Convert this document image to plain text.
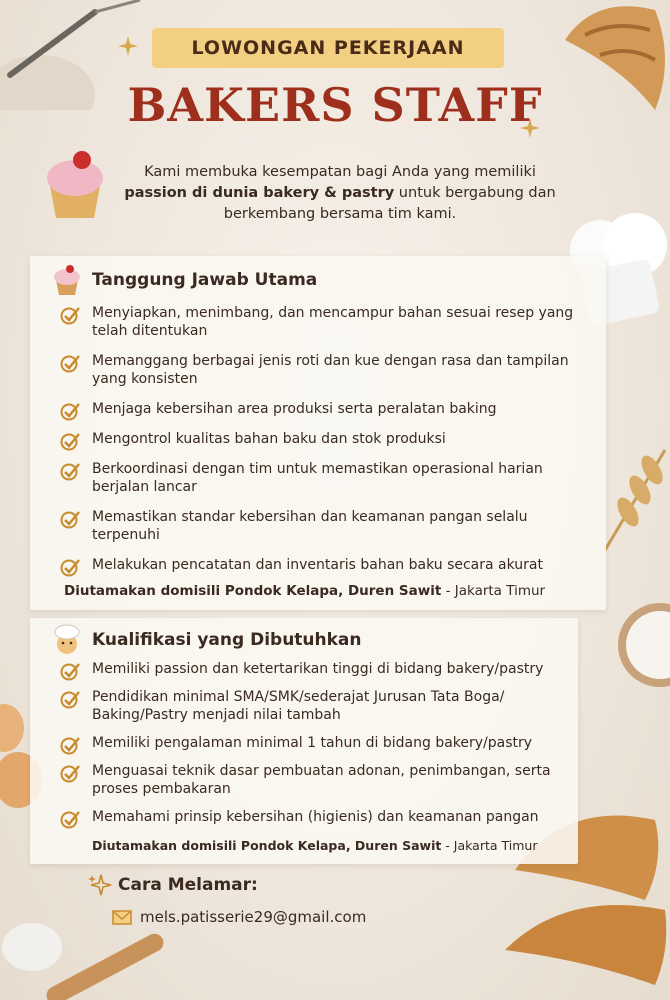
LOWONGAN PEKERJAAN
BAKERS STAFF
Kami membuka kesempatan bagi Anda yang memiliki
passion di dunia bakery & pastry untuk bergabung dan
berkembang bersama tim kami.
Tanggung Jawab Utama
Menyiapkan, menimbang, dan mencampur bahan sesuai resep yang telah ditentukan
Memanggang berbagai jenis roti dan kue dengan rasa dan tampilan yang konsisten
Menjaga kebersihan area produksi serta peralatan baking
Mengontrol kualitas bahan baku dan stok produksi
Berkoordinasi dengan tim untuk memastikan operasional harian berjalan lancar
Memastikan standar kebersihan dan keamanan pangan selalu terpenuhi
Melakukan pencatatan dan inventaris bahan baku secara akurat
Diutamakan domisili Pondok Kelapa, Duren Sawit - Jakarta Timur
Kualifikasi yang Dibutuhkan
Memiliki passion dan ketertarikan tinggi di bidang bakery/pastry
Pendidikan minimal SMA/SMK/sederajat Jurusan Tata Boga/ Baking/Pastry menjadi nilai tambah
Memiliki pengalaman minimal 1 tahun di bidang bakery/pastry
Menguasai teknik dasar pembuatan adonan, penimbangan, serta proses pembakaran
Memahami prinsip kebersihan (higienis) dan keamanan pangan
Diutamakan domisili Pondok Kelapa, Duren Sawit - Jakarta Timur
Cara Melamar:
mels.patisserie29@gmail.com
